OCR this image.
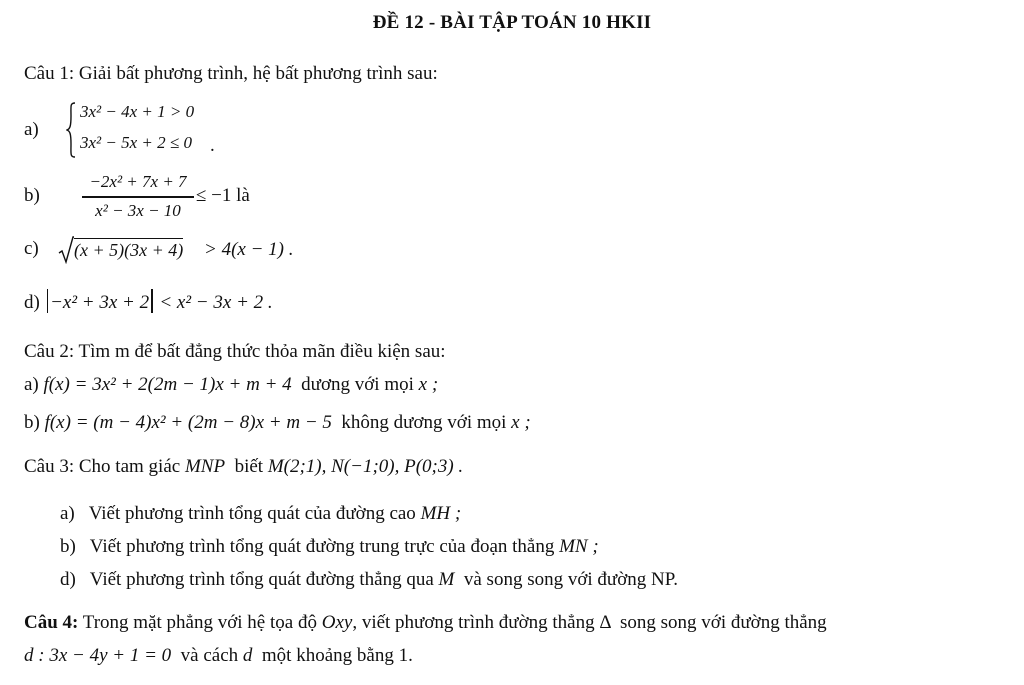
ĐỀ 12 - BÀI TẬP TOÁN 10 HKII
Câu 1: Giải bất phương trình, hệ bất phương trình sau:
a)
3x² − 4x + 1 > 0
3x² − 5x + 2 ≤ 0 .
b)
−2x² + 7x + 7
x² − 3x − 10
≤ −1 là
c) (x + 5)(3x + 4) > 4(x − 1) .
d) −x² + 3x + 2 < x² − 3x + 2 .
Câu 2: Tìm m để bất đẳng thức thỏa mãn điều kiện sau:
a) f(x) = 3x² + 2(2m − 1)x + m + 4 dương với mọi x ;
b) f(x) = (m − 4)x² + (2m − 8)x + m − 5 không dương với mọi x ;
Câu 3: Cho tam giác MNP biết M(2;1), N(−1;0), P(0;3) .
a) Viết phương trình tổng quát của đường cao MH ;
b) Viết phương trình tổng quát đường trung trực của đoạn thẳng MN ;
d) Viết phương trình tổng quát đường thẳng qua M và song song với đường NP.
Câu 4: Trong mặt phẳng với hệ tọa độ Oxy, viết phương trình đường thẳng Δ song song với đường thẳng
d : 3x − 4y + 1 = 0 và cách d một khoảng bằng 1.
